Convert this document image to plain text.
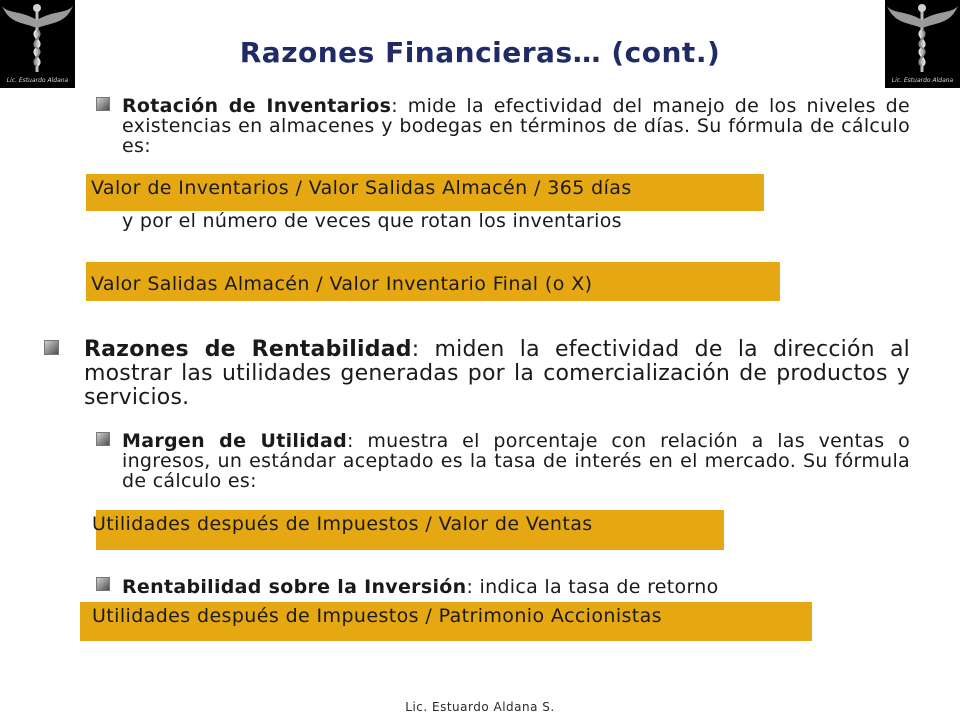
Lic. Estuardo Aldana	Lic. Estuardo Aldana
Razones Financieras… (cont.)

Rotación de Inventarios: mide la efectividad del manejo de los niveles de existencias en almacenes y bodegas en términos de días. Su fórmula de cálculo es:

Valor de Inventarios / Valor Salidas Almacén / 365 días
y por el número de veces que rotan los inventarios
Valor Salidas Almacén / Valor Inventario Final (o X)

Razones de Rentabilidad: miden la efectividad de la dirección al mostrar las utilidades generadas por la comercialización de productos y servicios.

Margen de Utilidad: muestra el porcentaje con relación a las ventas o ingresos, un estándar aceptado es la tasa de interés en el mercado. Su fórmula de cálculo es:

Utilidades después de Impuestos / Valor de Ventas
Rentabilidad sobre la Inversión: indica la tasa de retorno
Utilidades después de Impuestos / Patrimonio Accionistas
Lic. Estuardo Aldana S.
